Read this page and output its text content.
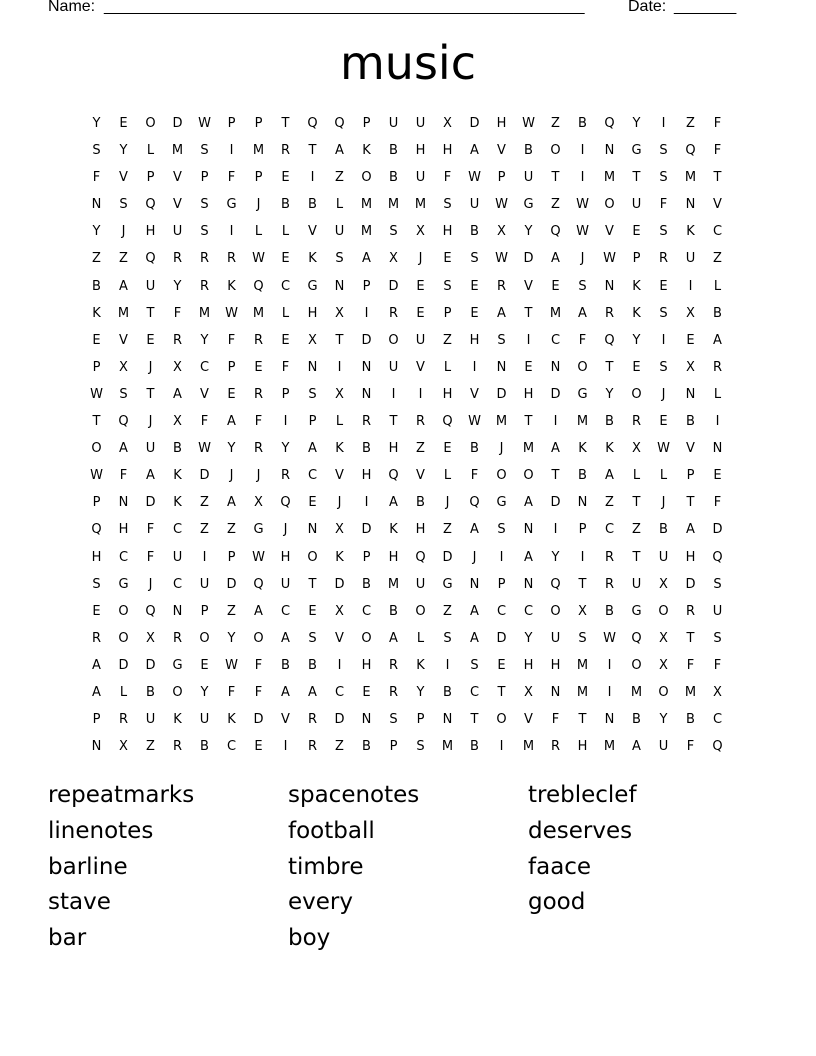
Name: ______________________________________________________	Date: _______
music
Y	E	O	D	W	P	P	T	Q	Q	P	U	U	X	D	H	W	Z	B	Q	Y	I	Z	F
S	Y	L	M	S	I	M	R	T	A	K	B	H	H	A	V	B	O	I	N	G	S	Q	F
F	V	P	V	P	F	P	E	I	Z	O	B	U	F	W	P	U	T	I	M	T	S	M	T
N	S	Q	V	S	G	J	B	B	L	M	M	M	S	U	W	G	Z	W	O	U	F	N	V
Y	J	H	U	S	I	L	L	V	U	M	S	X	H	B	X	Y	Q	W	V	E	S	K	C
Z	Z	Q	R	R	R	W	E	K	S	A	X	J	E	S	W	D	A	J	W	P	R	U	Z
B	A	U	Y	R	K	Q	C	G	N	P	D	E	S	E	R	V	E	S	N	K	E	I	L
K	M	T	F	M	W	M	L	H	X	I	R	E	P	E	A	T	M	A	R	K	S	X	B
E	V	E	R	Y	F	R	E	X	T	D	O	U	Z	H	S	I	C	F	Q	Y	I	E	A
P	X	J	X	C	P	E	F	N	I	N	U	V	L	I	N	E	N	O	T	E	S	X	R
W	S	T	A	V	E	R	P	S	X	N	I	I	H	V	D	H	D	G	Y	O	J	N	L
T	Q	J	X	F	A	F	I	P	L	R	T	R	Q	W	M	T	I	M	B	R	E	B	I
O	A	U	B	W	Y	R	Y	A	K	B	H	Z	E	B	J	M	A	K	K	X	W	V	N
W	F	A	K	D	J	J	R	C	V	H	Q	V	L	F	O	O	T	B	A	L	L	P	E
P	N	D	K	Z	A	X	Q	E	J	I	A	B	J	Q	G	A	D	N	Z	T	J	T	F
Q	H	F	C	Z	Z	G	J	N	X	D	K	H	Z	A	S	N	I	P	C	Z	B	A	D
H	C	F	U	I	P	W	H	O	K	P	H	Q	D	J	I	A	Y	I	R	T	U	H	Q
S	G	J	C	U	D	Q	U	T	D	B	M	U	G	N	P	N	Q	T	R	U	X	D	S
E	O	Q	N	P	Z	A	C	E	X	C	B	O	Z	A	C	C	O	X	B	G	O	R	U
R	O	X	R	O	Y	O	A	S	V	O	A	L	S	A	D	Y	U	S	W	Q	X	T	S
A	D	D	G	E	W	F	B	B	I	H	R	K	I	S	E	H	H	M	I	O	X	F	F
A	L	B	O	Y	F	F	A	A	C	E	R	Y	B	C	T	X	N	M	I	M	O	M	X
P	R	U	K	U	K	D	V	R	D	N	S	P	N	T	O	V	F	T	N	B	Y	B	C
N	X	Z	R	B	C	E	I	R	Z	B	P	S	M	B	I	M	R	H	M	A	U	F	Q
repeatmarks	spacenotes	trebleclef
linenotes	football	deserves
barline	timbre	faace
stave	every	good
bar	boy
